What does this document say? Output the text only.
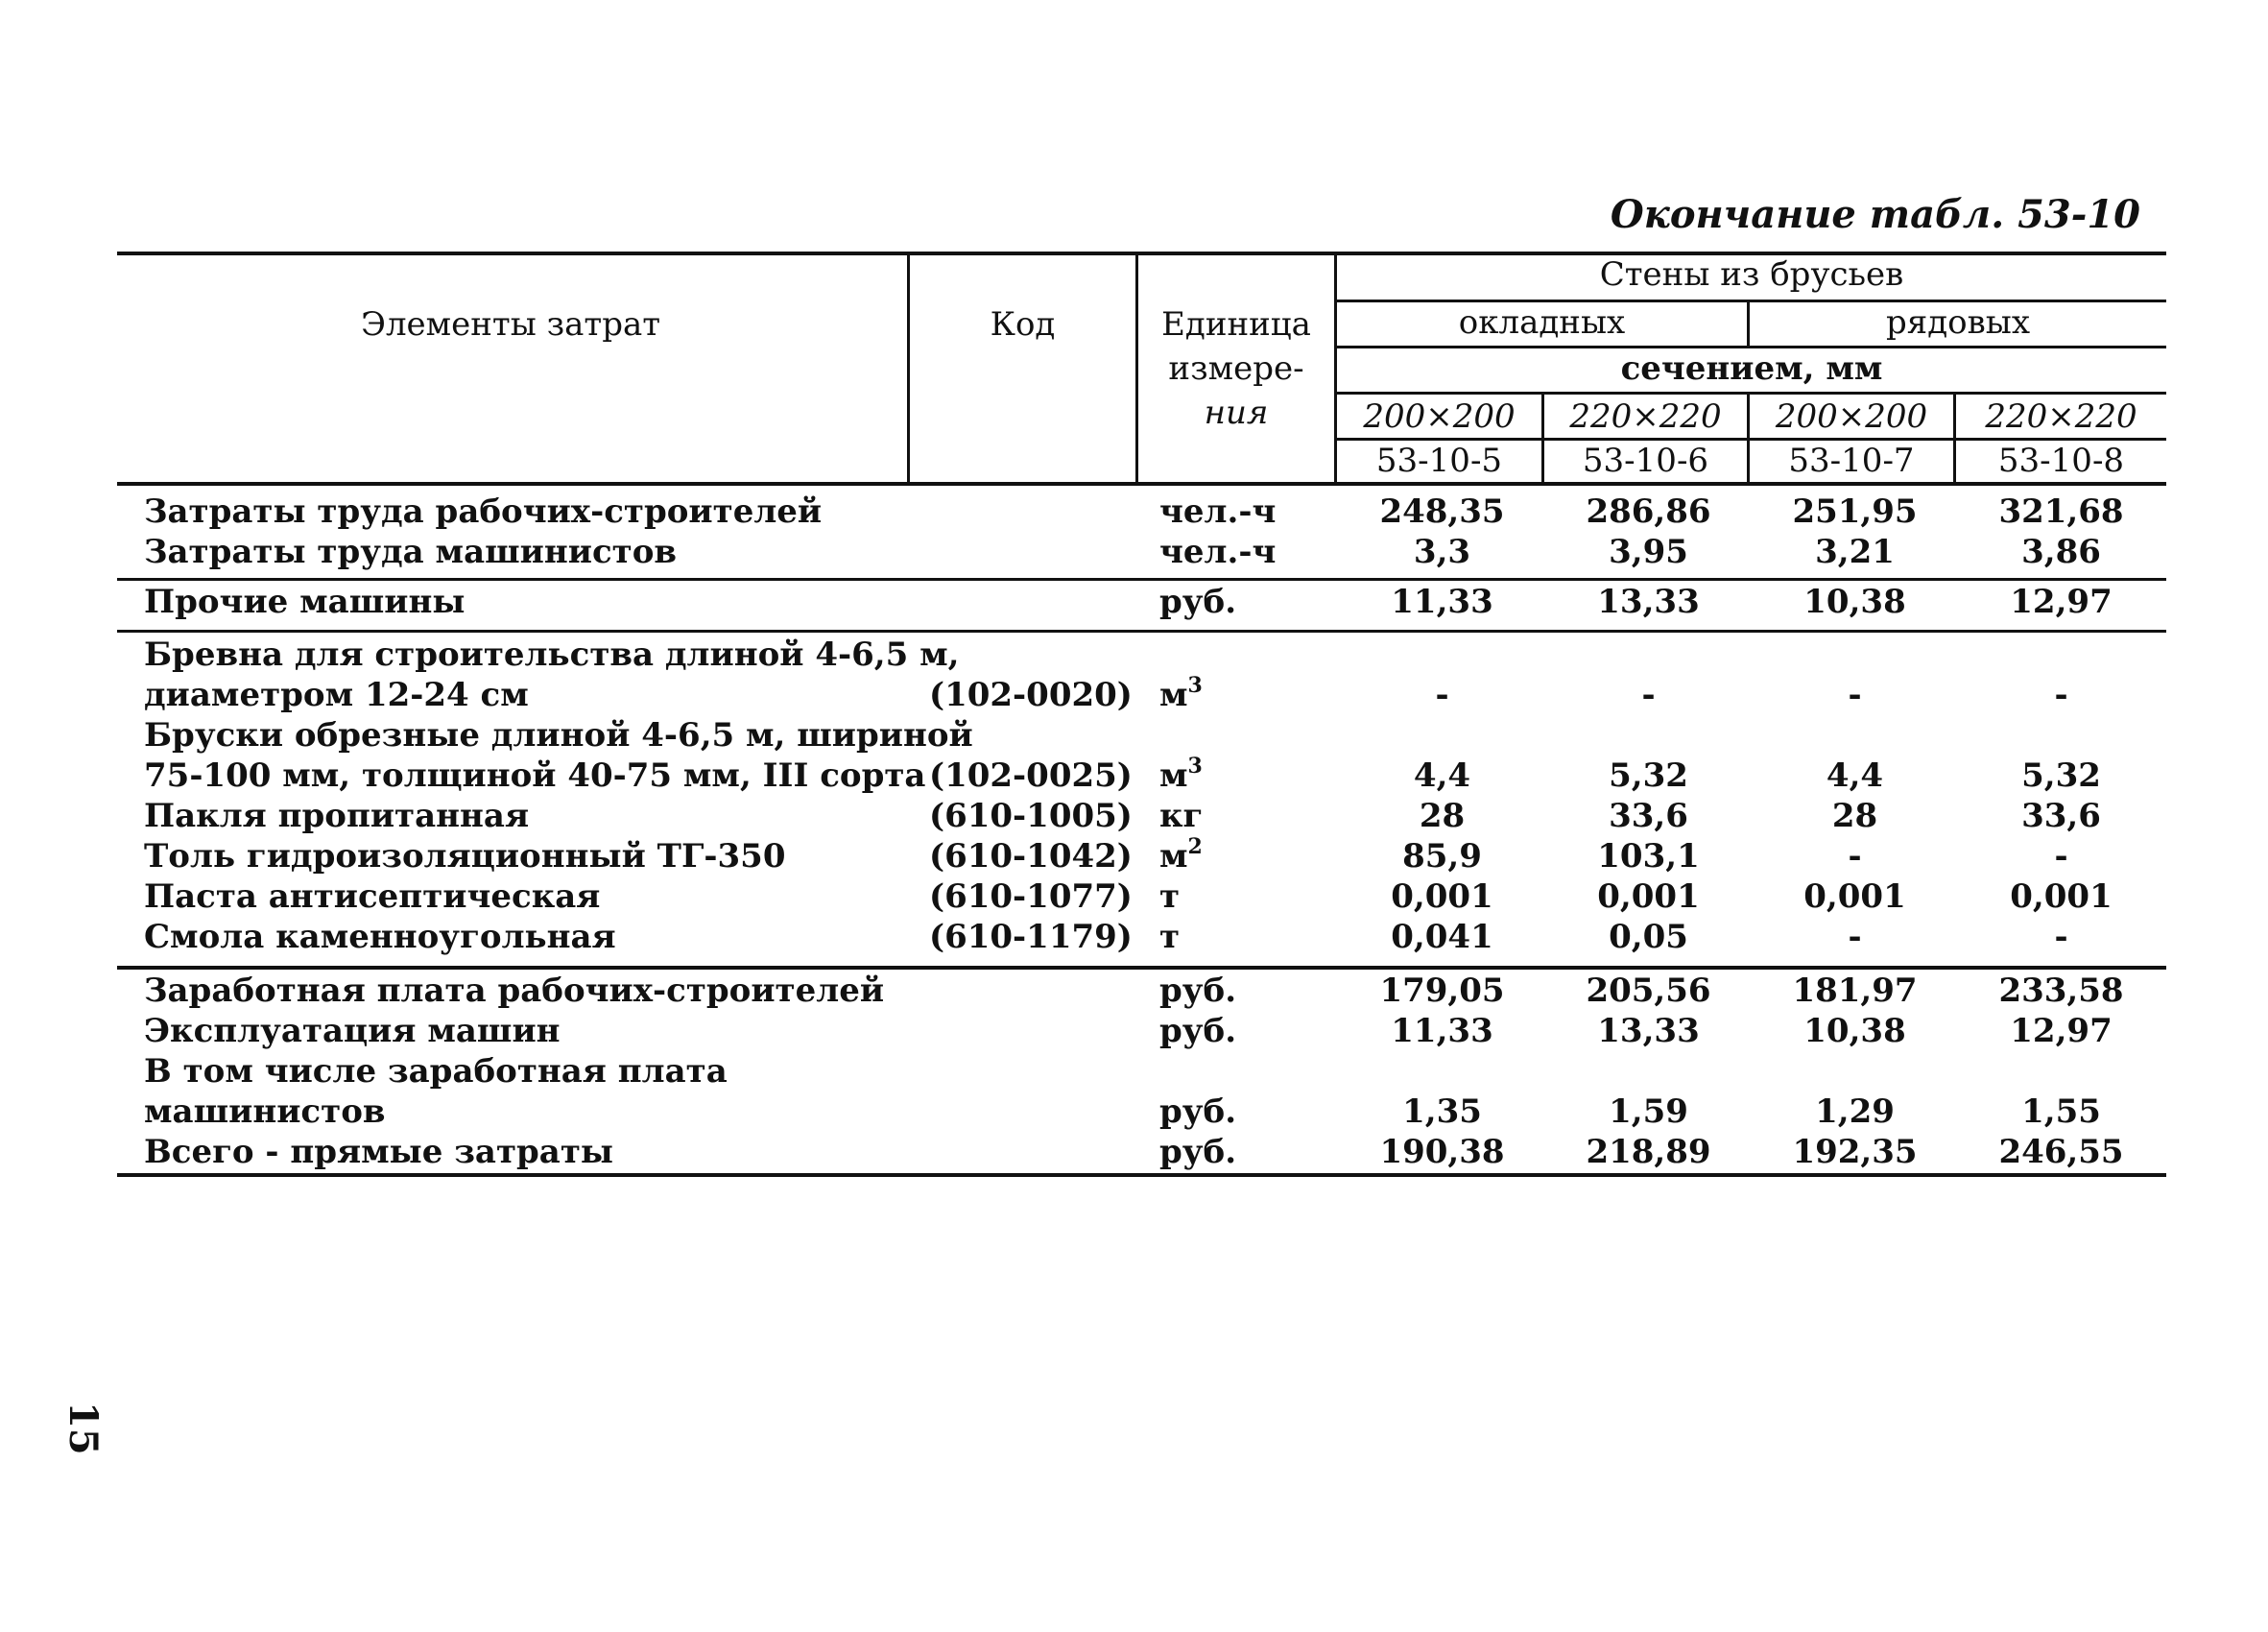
Окончание табл. 53-10
15
Элементы затрат	Код	Единица
измере-
ния
Стены из брусьев
окладных	рядовых
сечением, мм
200×200	220×220	200×200	220×220
53-10-5	53-10-6	53-10-7	53-10-8
Затраты труда рабочих-строителей	чел.-ч	248,35	286,86	251,95	321,68
Затраты труда машинистов	чел.-ч	3,3	3,95	3,21	3,86
Прочие машины	руб.	11,33	13,33	10,38	12,97
Бревна для строительства длиной 4-6,5 м,
диаметром 12-24 см	(102-0020) $м^3$	-	-	-	-
Бруски обрезные длиной 4-6,5 м, шириной
75-100 мм, толщиной 40-75 мм, III сорта (102-0025) $м^3$	4,4	5,32	4,4	5,32
Пакля пропитанная	(610-1005) кг	28	33,6	28	33,6
Толь гидроизоляционный ТГ-350	(610-1042) $м^2$	85,9	103,1	-	-
Паста антисептическая	(610-1077) т	0,001	0,001	0,001	0,001
Смола каменноугольная	(610-1179) т	0,041	0,05	-	-
Заработная плата рабочих-строителей	руб.	179,05	205,56	181,97	233,58
Эксплуатация машин	руб.	11,33	13,33	10,38	12,97
В том числе заработная плата
машинистов	руб.	1,35	1,59	1,29	1,55
Всего - прямые затраты	руб.	190,38	218,89	192,35	246,55
